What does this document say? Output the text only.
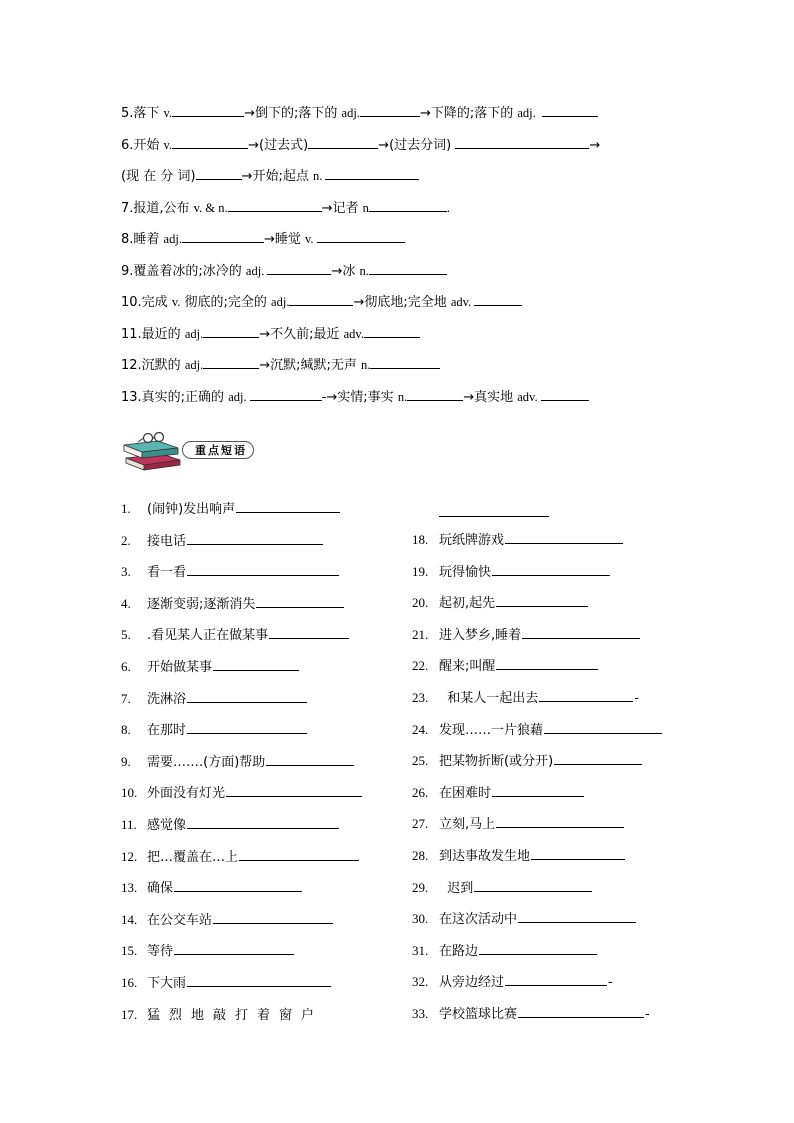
5.落下 v.	→倒下的;落下的 adj.	→下降的;落下的 adj.
6.开始 v.	→(过去式)	→(过去分词)	→
(现 在 分 词)	→开始;起点 n.
7.报道,公布 v. & n.	→记者 n	.
8.睡着 adj.	→睡觉 v.
9.覆盖着冰的;冰冷的 adj.	→冰 n.
10.完成 v. 彻底的;完全的 adj.	→彻底地;完全地 adv.
11.最近的 adj.	→不久前;最近 adv.
12.沉默的 adj.	→沉默;缄默;无声 n.
13.真实的;正确的 adj.	-→实情;事实 n.	→真实地 adv.
重点短语
1. (闹钟)发出响声
2. 接电话
3. 看一看
4. 逐渐变弱;逐渐消失
5. .看见某人正在做某事
6. 开始做某事
7. 洗淋浴
8. 在那时
9. 需要…….(方面)帮助
10. 外面没有灯光
11. 感觉像
12. 把…覆盖在…上
13. 确保
14. 在公交车站
15. 等待
16. 下大雨
17. 猛烈地敲打着窗户
18. 玩纸牌游戏
19. 玩得愉快
20. 起初,起先
21. 进入梦乡,睡着
22. 醒来;叫醒
23.  和某人一起出去	-
24. 发现……一片狼藉
25. 把某物折断(或分开)
26. 在困难时
27. 立刻,马上
28. 到达事故发生地
29.  迟到
30. 在这次活动中
31. 在路边
32. 从旁边经过	-
33. 学校篮球比赛	-
